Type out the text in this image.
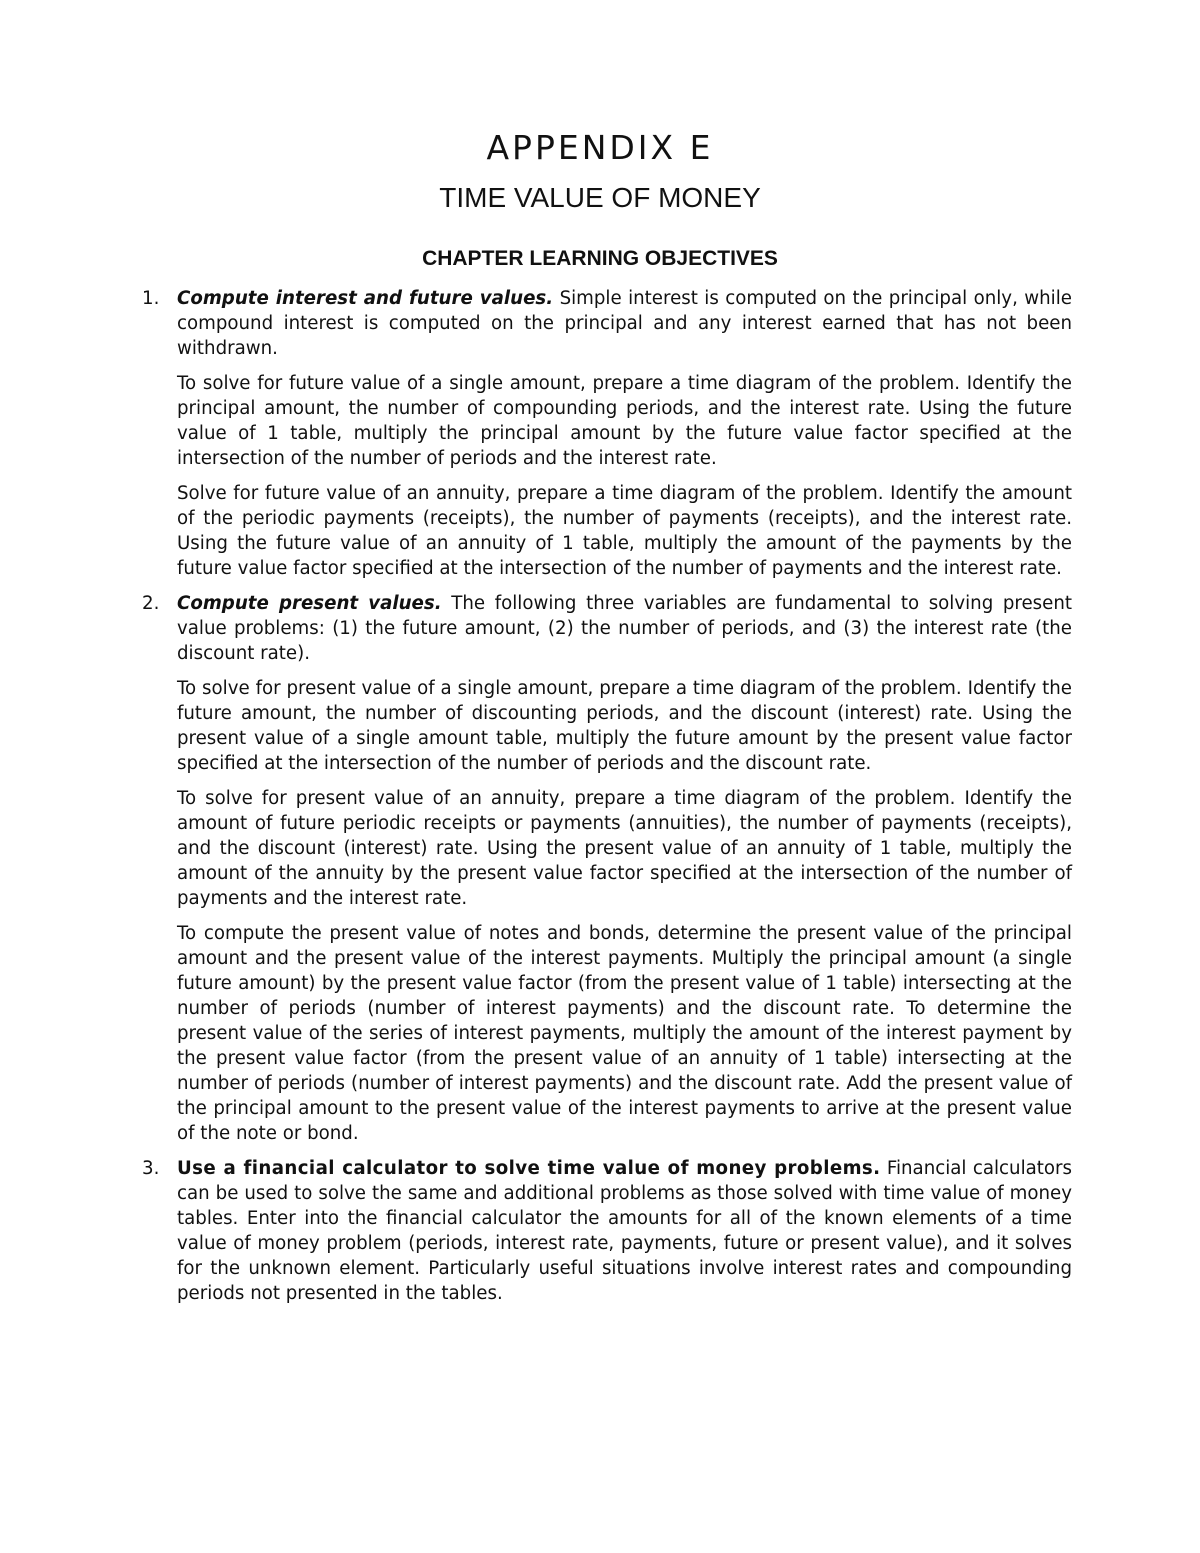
APPENDIX E
TIME VALUE OF MONEY
CHAPTER LEARNING OBJECTIVES
1. Compute interest and future values. Simple interest is computed on the principal only, while compound interest is computed on the principal and any interest earned that has not been withdrawn.

To solve for future value of a single amount, prepare a time diagram of the problem. Identify the principal amount, the number of compounding periods, and the interest rate. Using the future value of 1 table, multiply the principal amount by the future value factor specified at the intersection of the number of periods and the interest rate.

Solve for future value of an annuity, prepare a time diagram of the problem. Identify the amount of the periodic payments (receipts), the number of payments (receipts), and the interest rate. Using the future value of an annuity of 1 table, multiply the amount of the payments by the future value factor specified at the intersection of the number of payments and the interest rate.

2. Compute present values. The following three variables are fundamental to solving present value problems: (1) the future amount, (2) the number of periods, and (3) the interest rate (the discount rate).

To solve for present value of a single amount, prepare a time diagram of the problem. Identify the future amount, the number of discounting periods, and the discount (interest) rate. Using the present value of a single amount table, multiply the future amount by the present value factor specified at the intersection of the number of periods and the discount rate.

To solve for present value of an annuity, prepare a time diagram of the problem. Identify the amount of future periodic receipts or payments (annuities), the number of payments (receipts), and the discount (interest) rate. Using the present value of an annuity of 1 table, multiply the amount of the annuity by the present value factor specified at the intersection of the number of payments and the interest rate.

To compute the present value of notes and bonds, determine the present value of the principal amount and the present value of the interest payments. Multiply the principal amount (a single future amount) by the present value factor (from the present value of 1 table) intersecting at the number of periods (number of interest payments) and the discount rate. To determine the present value of the series of interest payments, multiply the amount of the interest payment by the present value factor (from the present value of an annuity of 1 table) intersecting at the number of periods (number of interest payments) and the discount rate. Add the present value of the principal amount to the present value of the interest payments to arrive at the present value of the note or bond.

3. Use a financial calculator to solve time value of money problems. Financial calculators can be used to solve the same and additional problems as those solved with time value of money tables. Enter into the financial calculator the amounts for all of the known elements of a time value of money problem (periods, interest rate, payments, future or present value), and it solves for the unknown element. Particularly useful situations involve interest rates and compounding periods not presented in the tables.
